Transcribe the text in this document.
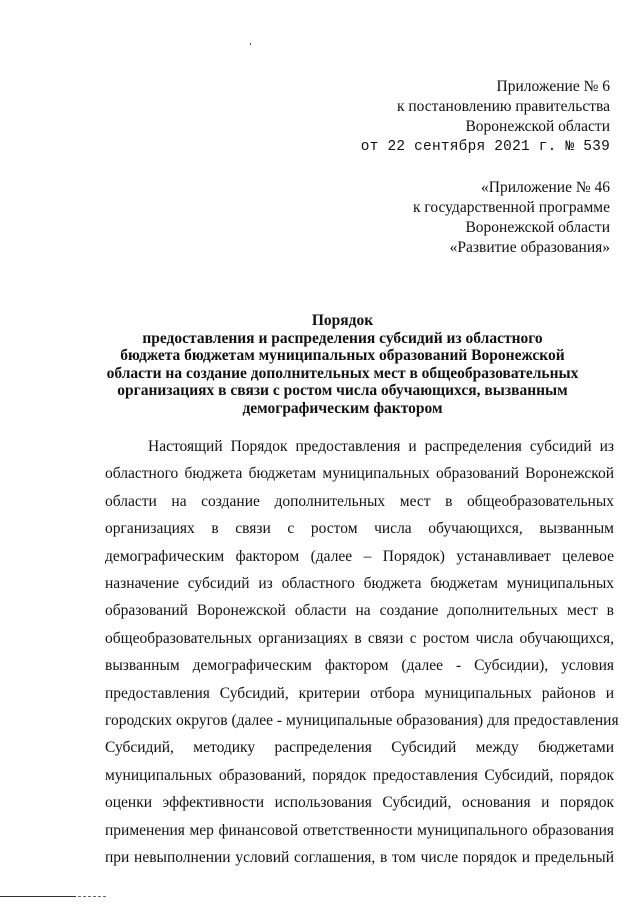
Приложение № 6
к постановлению правительства
Воронежской области
от 22 сентября 2021 г. № 539
«Приложение № 46
к государственной программе
Воронежской области
«Развитие образования»
Порядок
предоставления и распределения субсидий из областного
бюджета бюджетам муниципальных образований Воронежской
области на создание дополнительных мест в общеобразовательных
организациях в связи с ростом числа обучающихся, вызванным
демографическим фактором
Настоящий Порядок предоставления и распределения субсидий из
областного бюджета бюджетам муниципальных образований Воронежской
области на создание дополнительных мест в общеобразовательных
организациях в связи с ростом числа обучающихся, вызванным
демографическим фактором (далее – Порядок) устанавливает целевое
назначение субсидий из областного бюджета бюджетам муниципальных
образований Воронежской области на создание дополнительных мест в
общеобразовательных организациях в связи с ростом числа обучающихся,
вызванным демографическим фактором (далее - Субсидии), условия
предоставления Субсидий, критерии отбора муниципальных районов и
городских округов (далее - муниципальные образования) для предоставления
Субсидий, методику распределения Субсидий между бюджетами
муниципальных образований, порядок предоставления Субсидий, порядок
оценки эффективности использования Субсидий, основания и порядок
применения мер финансовой ответственности муниципального образования
при невыполнении условий соглашения, в том числе порядок и предельный
